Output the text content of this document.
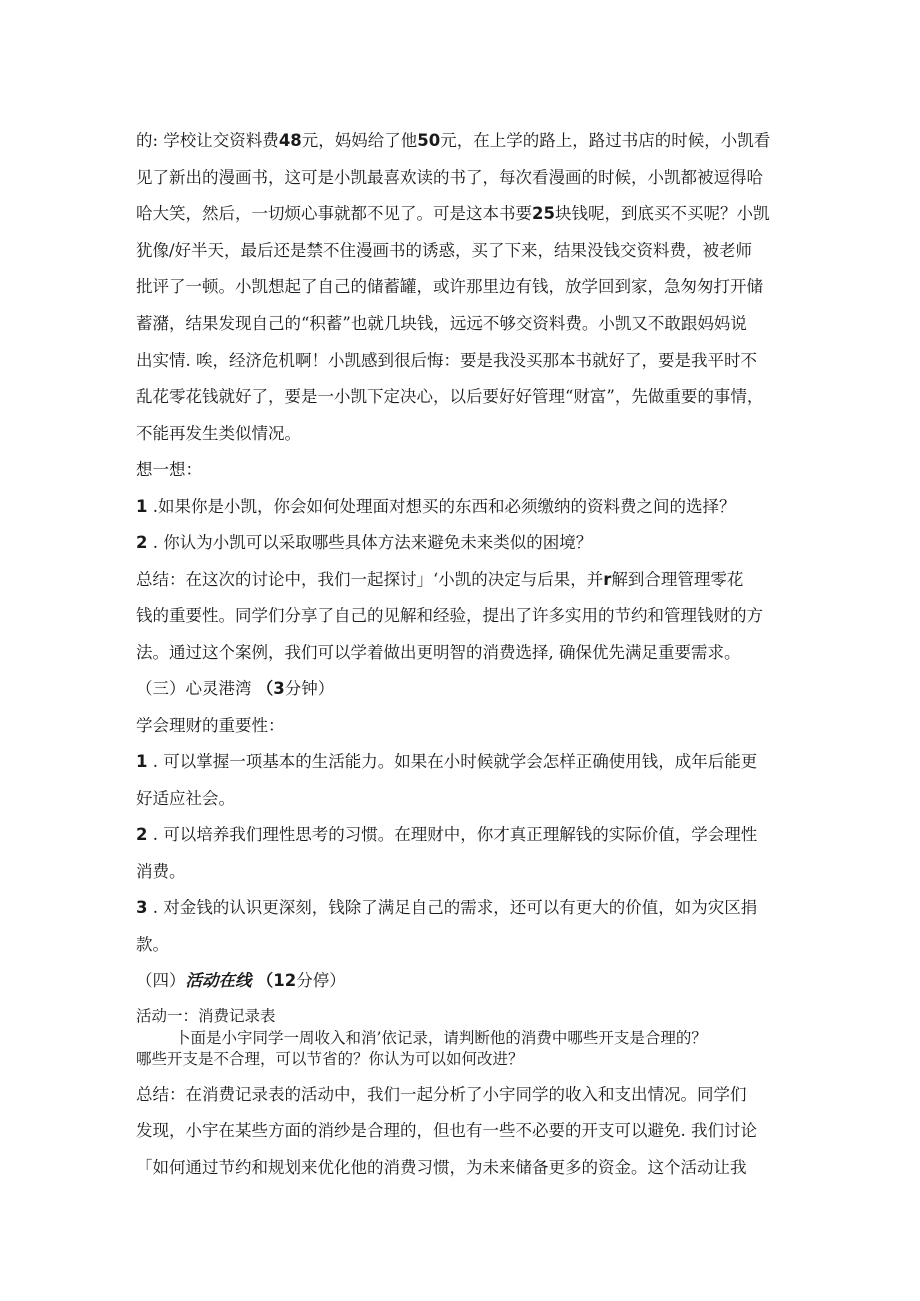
的: 学校让交资料费48元，妈妈给了他50元，在上学的路上，路过书店的时候，小凯看
见了新出的漫画书，这可是小凯最喜欢读的书了，每次看漫画的时候，小凯都被逗得哈
哈大笑，然后，一切烦心事就都不见了。可是这本书要25块钱呢，到底买不买呢？小凯
犹像/好半天，最后还是禁不住漫画书的诱惑，买了下来，结果没钱交资料费，被老师
批评了一顿。小凯想起了自己的储蓄罐，或许那里边有钱，放学回到家，急匆匆打开储
蓄潴，结果发现自己的“积蓄”也就几块钱，远远不够交资料费。小凯又不敢跟妈妈说
出实情. 唉，经济危机啊！小凯感到很后悔：要是我没买那本书就好了，要是我平时不
乱花零花钱就好了，要是一小凯下定决心，以后要好好管理“财富”，先做重要的事情，
不能再发生类似情况。
想一想：
1 .如果你是小凯，你会如何处理面对想买的东西和必须缴纳的资料费之间的选择？
2 . 你认为小凯可以采取哪些具体方法来避免未来类似的困境？
总结：在这次的讨论中，我们一起探讨」‘小凯的决定与后果，并r解到合理管理零花
钱的重要性。同学们分享了自己的见解和经验，提出了许多实用的节约和管理钱财的方
法。通过这个案例，我们可以学着做出更明智的消费选择, 确保优先满足重要需求。
（三）心灵港湾 （3分钟）
学会理财的重要性：
1 . 可以掌握一项基本的生活能力。如果在小时候就学会怎样正确使用钱，成年后能更
好适应社会。
2 . 可以培养我们理性思考的习惯。在理财中，你才真正理解钱的实际价值，学会理性
消费。
3 . 对金钱的认识更深刻，钱除了满足自己的需求，还可以有更大的价值，如为灾区捐
款。
（四）活动在线 （12分停）
活动一：消费记录表
卜面是小宇同学一周收入和消’依记录，请判断他的消费中哪些开支是合理的？
哪些开支是不合理，可以节省的？你认为可以如何改进？
总结：在消费记录表的活动中，我们一起分析了小宇同学的收入和支出情况。同学们
发现，小宇在某些方面的消纱是合理的，但也有一些不必要的开支可以避免. 我们讨论
「如何通过节约和规划来优化他的消费习惯，为未来储备更多的资金。这个活动让我
